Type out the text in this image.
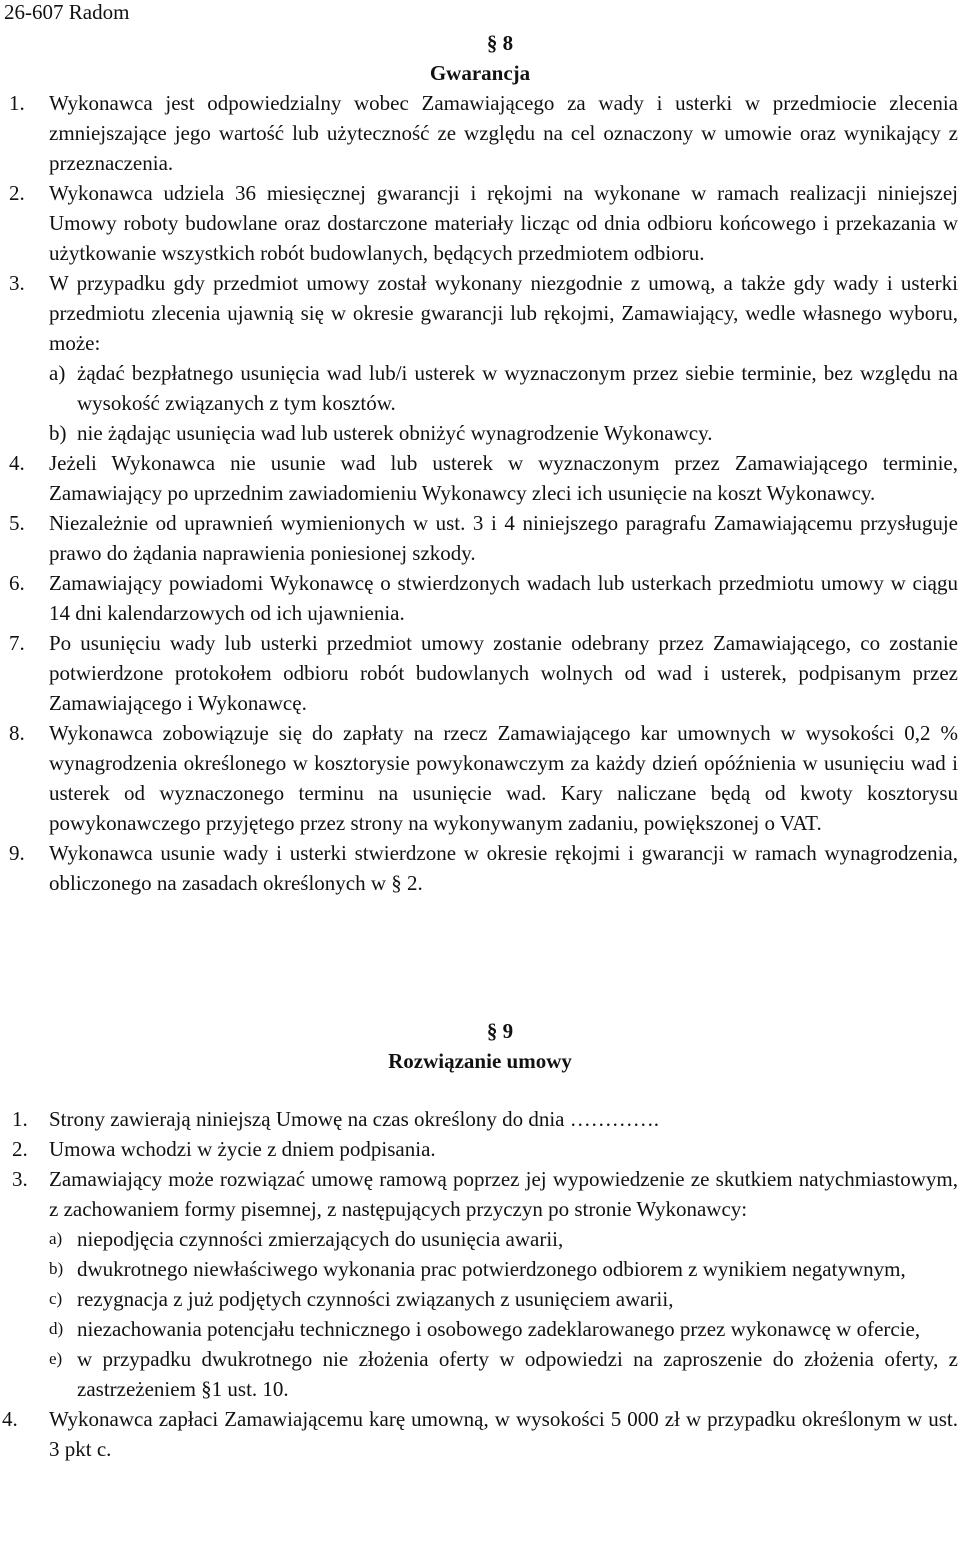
26-607 Radom
§ 8
Gwarancja
1. Wykonawca jest odpowiedzialny wobec Zamawiającego za wady i usterki w przedmiocie zlecenia zmniejszające jego wartość lub użyteczność ze względu na cel oznaczony w umowie oraz wynikający z przeznaczenia.
2. Wykonawca udziela 36 miesięcznej gwarancji i rękojmi na wykonane w ramach realizacji niniejszej Umowy roboty budowlane oraz dostarczone materiały licząc od dnia odbioru końcowego i przekazania w użytkowanie wszystkich robót budowlanych, będących przedmiotem odbioru.
3. W przypadku gdy przedmiot umowy został wykonany niezgodnie z umową, a także gdy wady i usterki przedmiotu zlecenia ujawnią się w okresie gwarancji lub rękojmi, Zamawiający, wedle własnego wyboru, może:
a) żądać bezpłatnego usunięcia wad lub/i usterek w wyznaczonym przez siebie terminie, bez względu na wysokość związanych z tym kosztów.
b) nie żądając usunięcia wad lub usterek obniżyć wynagrodzenie Wykonawcy.
4. Jeżeli Wykonawca nie usunie wad lub usterek w wyznaczonym przez Zamawiającego terminie, Zamawiający po uprzednim zawiadomieniu Wykonawcy zleci ich usunięcie na koszt Wykonawcy.
5. Niezależnie od uprawnień wymienionych w ust. 3 i 4 niniejszego paragrafu Zamawiającemu przysługuje prawo do żądania naprawienia poniesionej szkody.
6. Zamawiający powiadomi Wykonawcę o stwierdzonych wadach lub usterkach przedmiotu umowy w ciągu 14 dni kalendarzowych od ich ujawnienia.
7. Po usunięciu wady lub usterki przedmiot umowy zostanie odebrany przez Zamawiającego, co zostanie potwierdzone protokołem odbioru robót budowlanych wolnych od wad i usterek, podpisanym przez Zamawiającego i Wykonawcę.
8. Wykonawca zobowiązuje się do zapłaty na rzecz Zamawiającego kar umownych w wysokości 0,2 % wynagrodzenia określonego w kosztorysie powykonawczym za każdy dzień opóźnienia w usunięciu wad i usterek od wyznaczonego terminu na usunięcie wad. Kary naliczane będą od kwoty kosztorysu powykonawczego przyjętego przez strony na wykonywanym zadaniu, powiększonej o VAT.
9. Wykonawca usunie wady i usterki stwierdzone w okresie rękojmi i gwarancji w ramach wynagrodzenia, obliczonego na zasadach określonych w § 2.
§ 9
Rozwiązanie umowy
1. Strony zawierają niniejszą Umowę na czas określony do dnia ………….
2. Umowa wchodzi w życie z dniem podpisania.
3. Zamawiający może rozwiązać umowę ramową poprzez jej wypowiedzenie ze skutkiem natychmiastowym, z zachowaniem formy pisemnej, z następujących przyczyn po stronie Wykonawcy:
a) niepodjęcia czynności zmierzających do usunięcia awarii,
b) dwukrotnego niewłaściwego wykonania prac potwierdzonego odbiorem z wynikiem negatywnym,
c) rezygnacja z już podjętych czynności związanych z usunięciem awarii,
d) niezachowania potencjału technicznego i osobowego zadeklarowanego przez wykonawcę w ofercie,
e) w przypadku dwukrotnego nie złożenia oferty w odpowiedzi na zaproszenie do złożenia oferty, z zastrzeżeniem §1 ust. 10.
4. Wykonawca zapłaci Zamawiającemu karę umowną, w wysokości 5 000 zł w przypadku określonym w ust. 3 pkt c.
